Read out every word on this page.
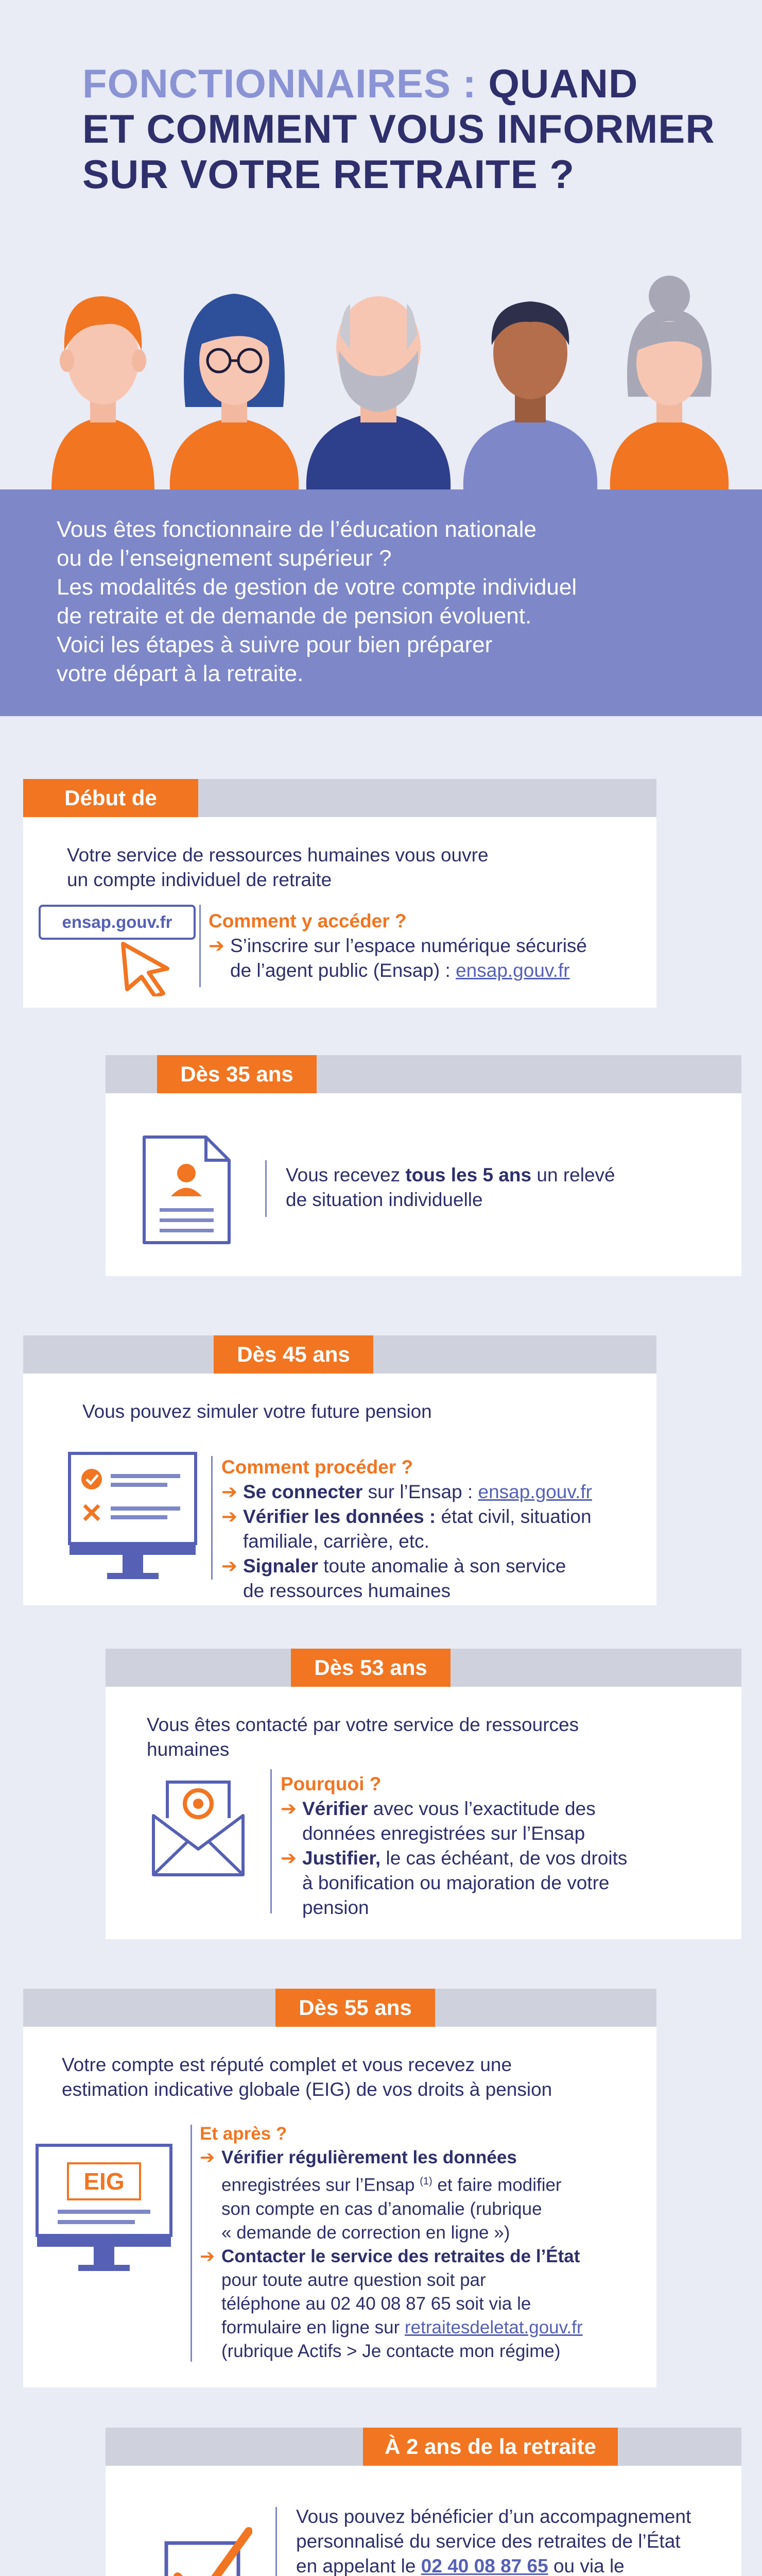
FONCTIONNAIRES : QUAND
ET COMMENT VOUS INFORMER
SUR VOTRE RETRAITE ?
Vous êtes fonctionnaire de l’éducation nationale
ou de l’enseignement supérieur ?
Les modalités de gestion de votre compte individuel
de retraite et de demande de pension évoluent.
Voici les étapes à suivre pour bien préparer
votre départ à la retraite.
Début de
Votre service de ressources humaines vous ouvre
un compte individuel de retraite
ensap.gouv.fr	Comment y accéder ?
➔ S’inscrire sur l’espace numérique sécurisé
de l’agent public (Ensap) : ensap.gouv.fr
Dès 35 ans
Vous recevez tous les 5 ans un relevé
de situation individuelle
Dès 45 ans
Vous pouvez simuler votre future pension
Comment procéder ?
➔ Se connecter sur l’Ensap : ensap.gouv.fr
➔ Vérifier les données : état civil, situation
familiale, carrière, etc.
➔ Signaler toute anomalie à son service
de ressources humaines
Dès 53 ans
Vous êtes contacté par votre service de ressources
humaines
Pourquoi ?
➔ Vérifier avec vous l’exactitude des
données enregistrées sur l’Ensap
➔ Justifier, le cas échéant, de vos droits
à bonification ou majoration de votre
pension
Dès 55 ans
Votre compte est réputé complet et vous recevez une
estimation indicative globale (EIG) de vos droits à pension
EIG
Et après ?
➔ Vérifier régulièrement les données
enregistrées sur l’Ensap $^{(1)}$ et faire modifier
son compte en cas d’anomalie (rubrique
« demande de correction en ligne »)
➔ Contacter le service des retraites de l’État
pour toute autre question soit par
téléphone au 02 40 08 87 65 soit via le
formulaire en ligne sur retraitesdeletat.gouv.fr
(rubrique Actifs > Je contacte mon régime)
À 2 ans de la retraite
Vous pouvez bénéficier d’un accompagnement
personnalisé du service des retraites de l’État
en appelant le 02 40 08 87 65 ou via le
